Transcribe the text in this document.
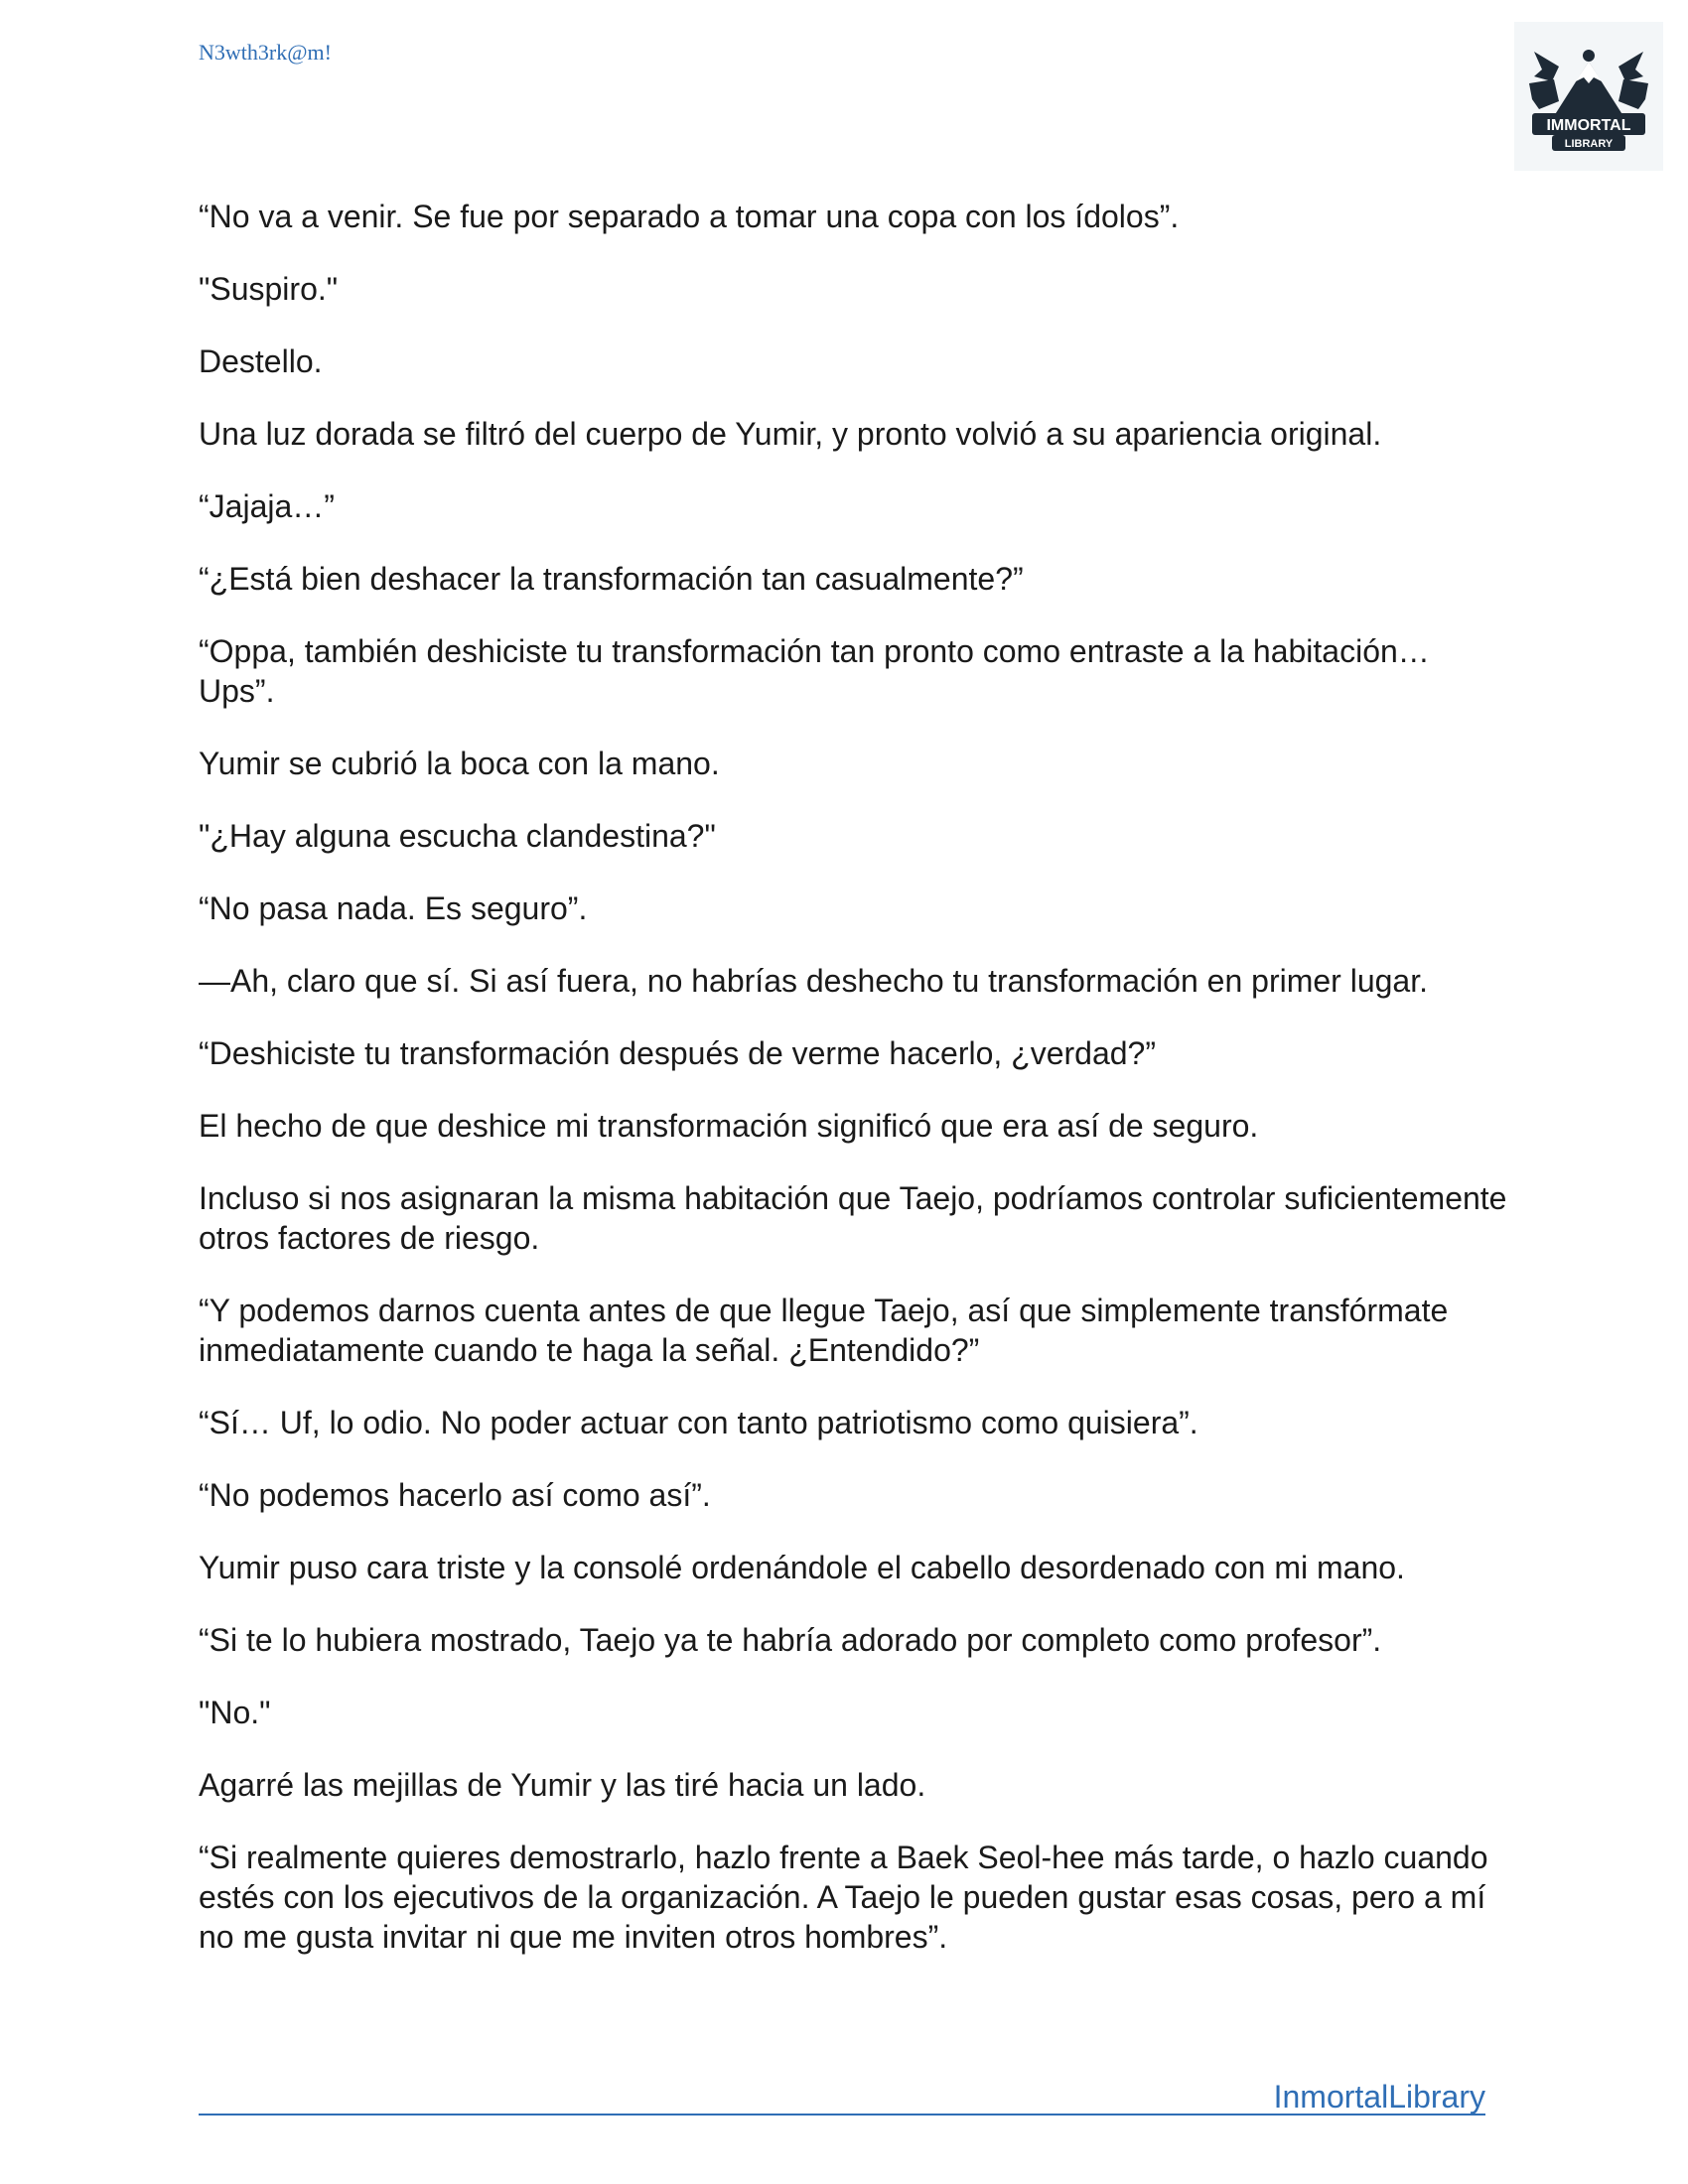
N3wth3rk@m!
IMMORTAL
LIBRARY

“No va a venir. Se fue por separado a tomar una copa con los ídolos”.

"Suspiro."

Destello.

Una luz dorada se filtró del cuerpo de Yumir, y pronto volvió a su apariencia original.

“Jajaja…”

“¿Está bien deshacer la transformación tan casualmente?”

“Oppa, también deshiciste tu transformación tan pronto como entraste a la habitación… Ups”.

Yumir se cubrió la boca con la mano.

"¿Hay alguna escucha clandestina?"

“No pasa nada. Es seguro”.

—Ah, claro que sí. Si así fuera, no habrías deshecho tu transformación en primer lugar.

“Deshiciste tu transformación después de verme hacerlo, ¿verdad?”

El hecho de que deshice mi transformación significó que era así de seguro.

Incluso si nos asignaran la misma habitación que Taejo, podríamos controlar suficientemente otros factores de riesgo.

“Y podemos darnos cuenta antes de que llegue Taejo, así que simplemente transfórmate inmediatamente cuando te haga la señal. ¿Entendido?”

“Sí… Uf, lo odio. No poder actuar con tanto patriotismo como quisiera”.

“No podemos hacerlo así como así”.

Yumir puso cara triste y la consolé ordenándole el cabello desordenado con mi mano.

“Si te lo hubiera mostrado, Taejo ya te habría adorado por completo como profesor”.

"No."

Agarré las mejillas de Yumir y las tiré hacia un lado.

“Si realmente quieres demostrarlo, hazlo frente a Baek Seol-hee más tarde, o hazlo cuando estés con los ejecutivos de la organización. A Taejo le pueden gustar esas cosas, pero a mí no me gusta invitar ni que me inviten otros hombres”.

InmortalLibrary
